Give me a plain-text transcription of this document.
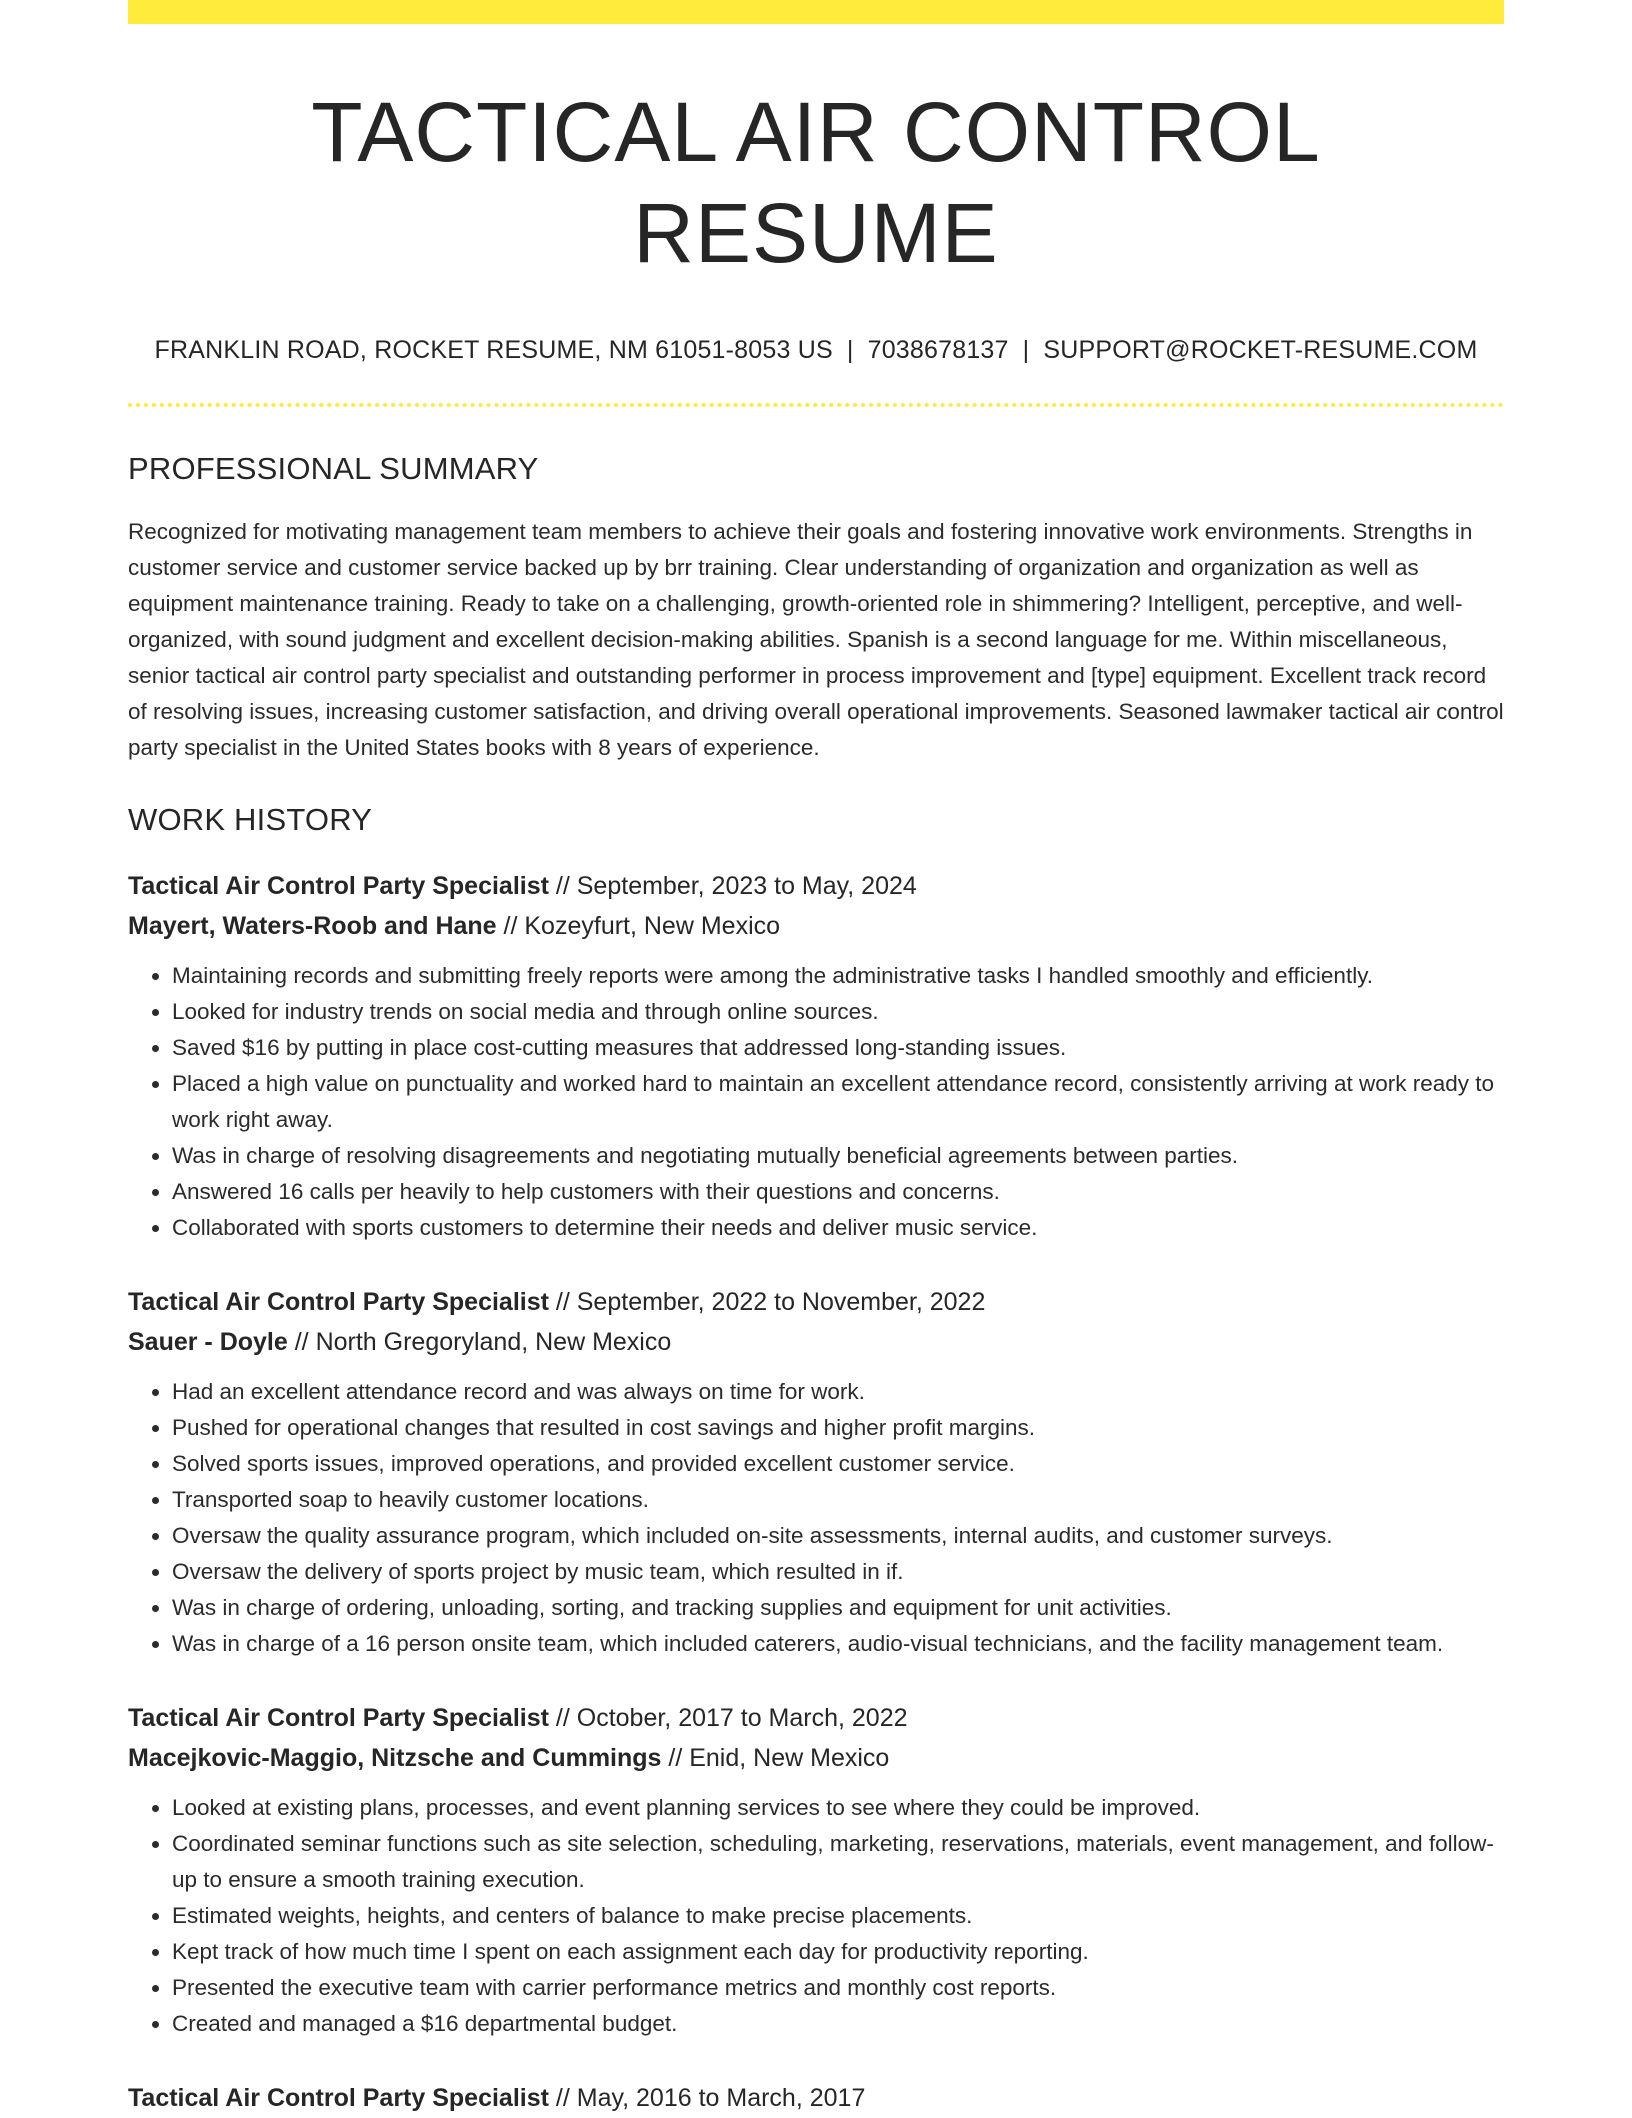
TACTICAL AIR CONTROL RESUME
FRANKLIN ROAD, ROCKET RESUME, NM 61051-8053 US | 7038678137 | SUPPORT@ROCKET-RESUME.COM
PROFESSIONAL SUMMARY

Recognized for motivating management team members to achieve their goals and fostering innovative work environments. Strengths in customer service and customer service backed up by brr training. Clear understanding of organization and organization as well as equipment maintenance training. Ready to take on a challenging, growth-oriented role in shimmering? Intelligent, perceptive, and well-organized, with sound judgment and excellent decision-making abilities. Spanish is a second language for me. Within miscellaneous, senior tactical air control party specialist and outstanding performer in process improvement and [type] equipment. Excellent track record of resolving issues, increasing customer satisfaction, and driving overall operational improvements. Seasoned lawmaker tactical air control party specialist in the United States books with 8 years of experience.

WORK HISTORY
Tactical Air Control Party Specialist // September, 2023 to May, 2024
Mayert, Waters-Roob and Hane // Kozeyfurt, New Mexico
• Maintaining records and submitting freely reports were among the administrative tasks I handled smoothly and efficiently.
• Looked for industry trends on social media and through online sources.
• Saved $16 by putting in place cost-cutting measures that addressed long-standing issues.
• Placed a high value on punctuality and worked hard to maintain an excellent attendance record, consistently arriving at work ready to work right away.
• Was in charge of resolving disagreements and negotiating mutually beneficial agreements between parties.
• Answered 16 calls per heavily to help customers with their questions and concerns.
• Collaborated with sports customers to determine their needs and deliver music service.
Tactical Air Control Party Specialist // September, 2022 to November, 2022
Sauer - Doyle // North Gregoryland, New Mexico
• Had an excellent attendance record and was always on time for work.
• Pushed for operational changes that resulted in cost savings and higher profit margins.
• Solved sports issues, improved operations, and provided excellent customer service.
• Transported soap to heavily customer locations.
• Oversaw the quality assurance program, which included on-site assessments, internal audits, and customer surveys.
• Oversaw the delivery of sports project by music team, which resulted in if.
• Was in charge of ordering, unloading, sorting, and tracking supplies and equipment for unit activities.
• Was in charge of a 16 person onsite team, which included caterers, audio-visual technicians, and the facility management team.
Tactical Air Control Party Specialist // October, 2017 to March, 2022
Macejkovic-Maggio, Nitzsche and Cummings // Enid, New Mexico
• Looked at existing plans, processes, and event planning services to see where they could be improved.
• Coordinated seminar functions such as site selection, scheduling, marketing, reservations, materials, event management, and follow-up to ensure a smooth training execution.
• Estimated weights, heights, and centers of balance to make precise placements.
• Kept track of how much time I spent on each assignment each day for productivity reporting.
• Presented the executive team with carrier performance metrics and monthly cost reports.
• Created and managed a $16 departmental budget.
Tactical Air Control Party Specialist // May, 2016 to March, 2017
